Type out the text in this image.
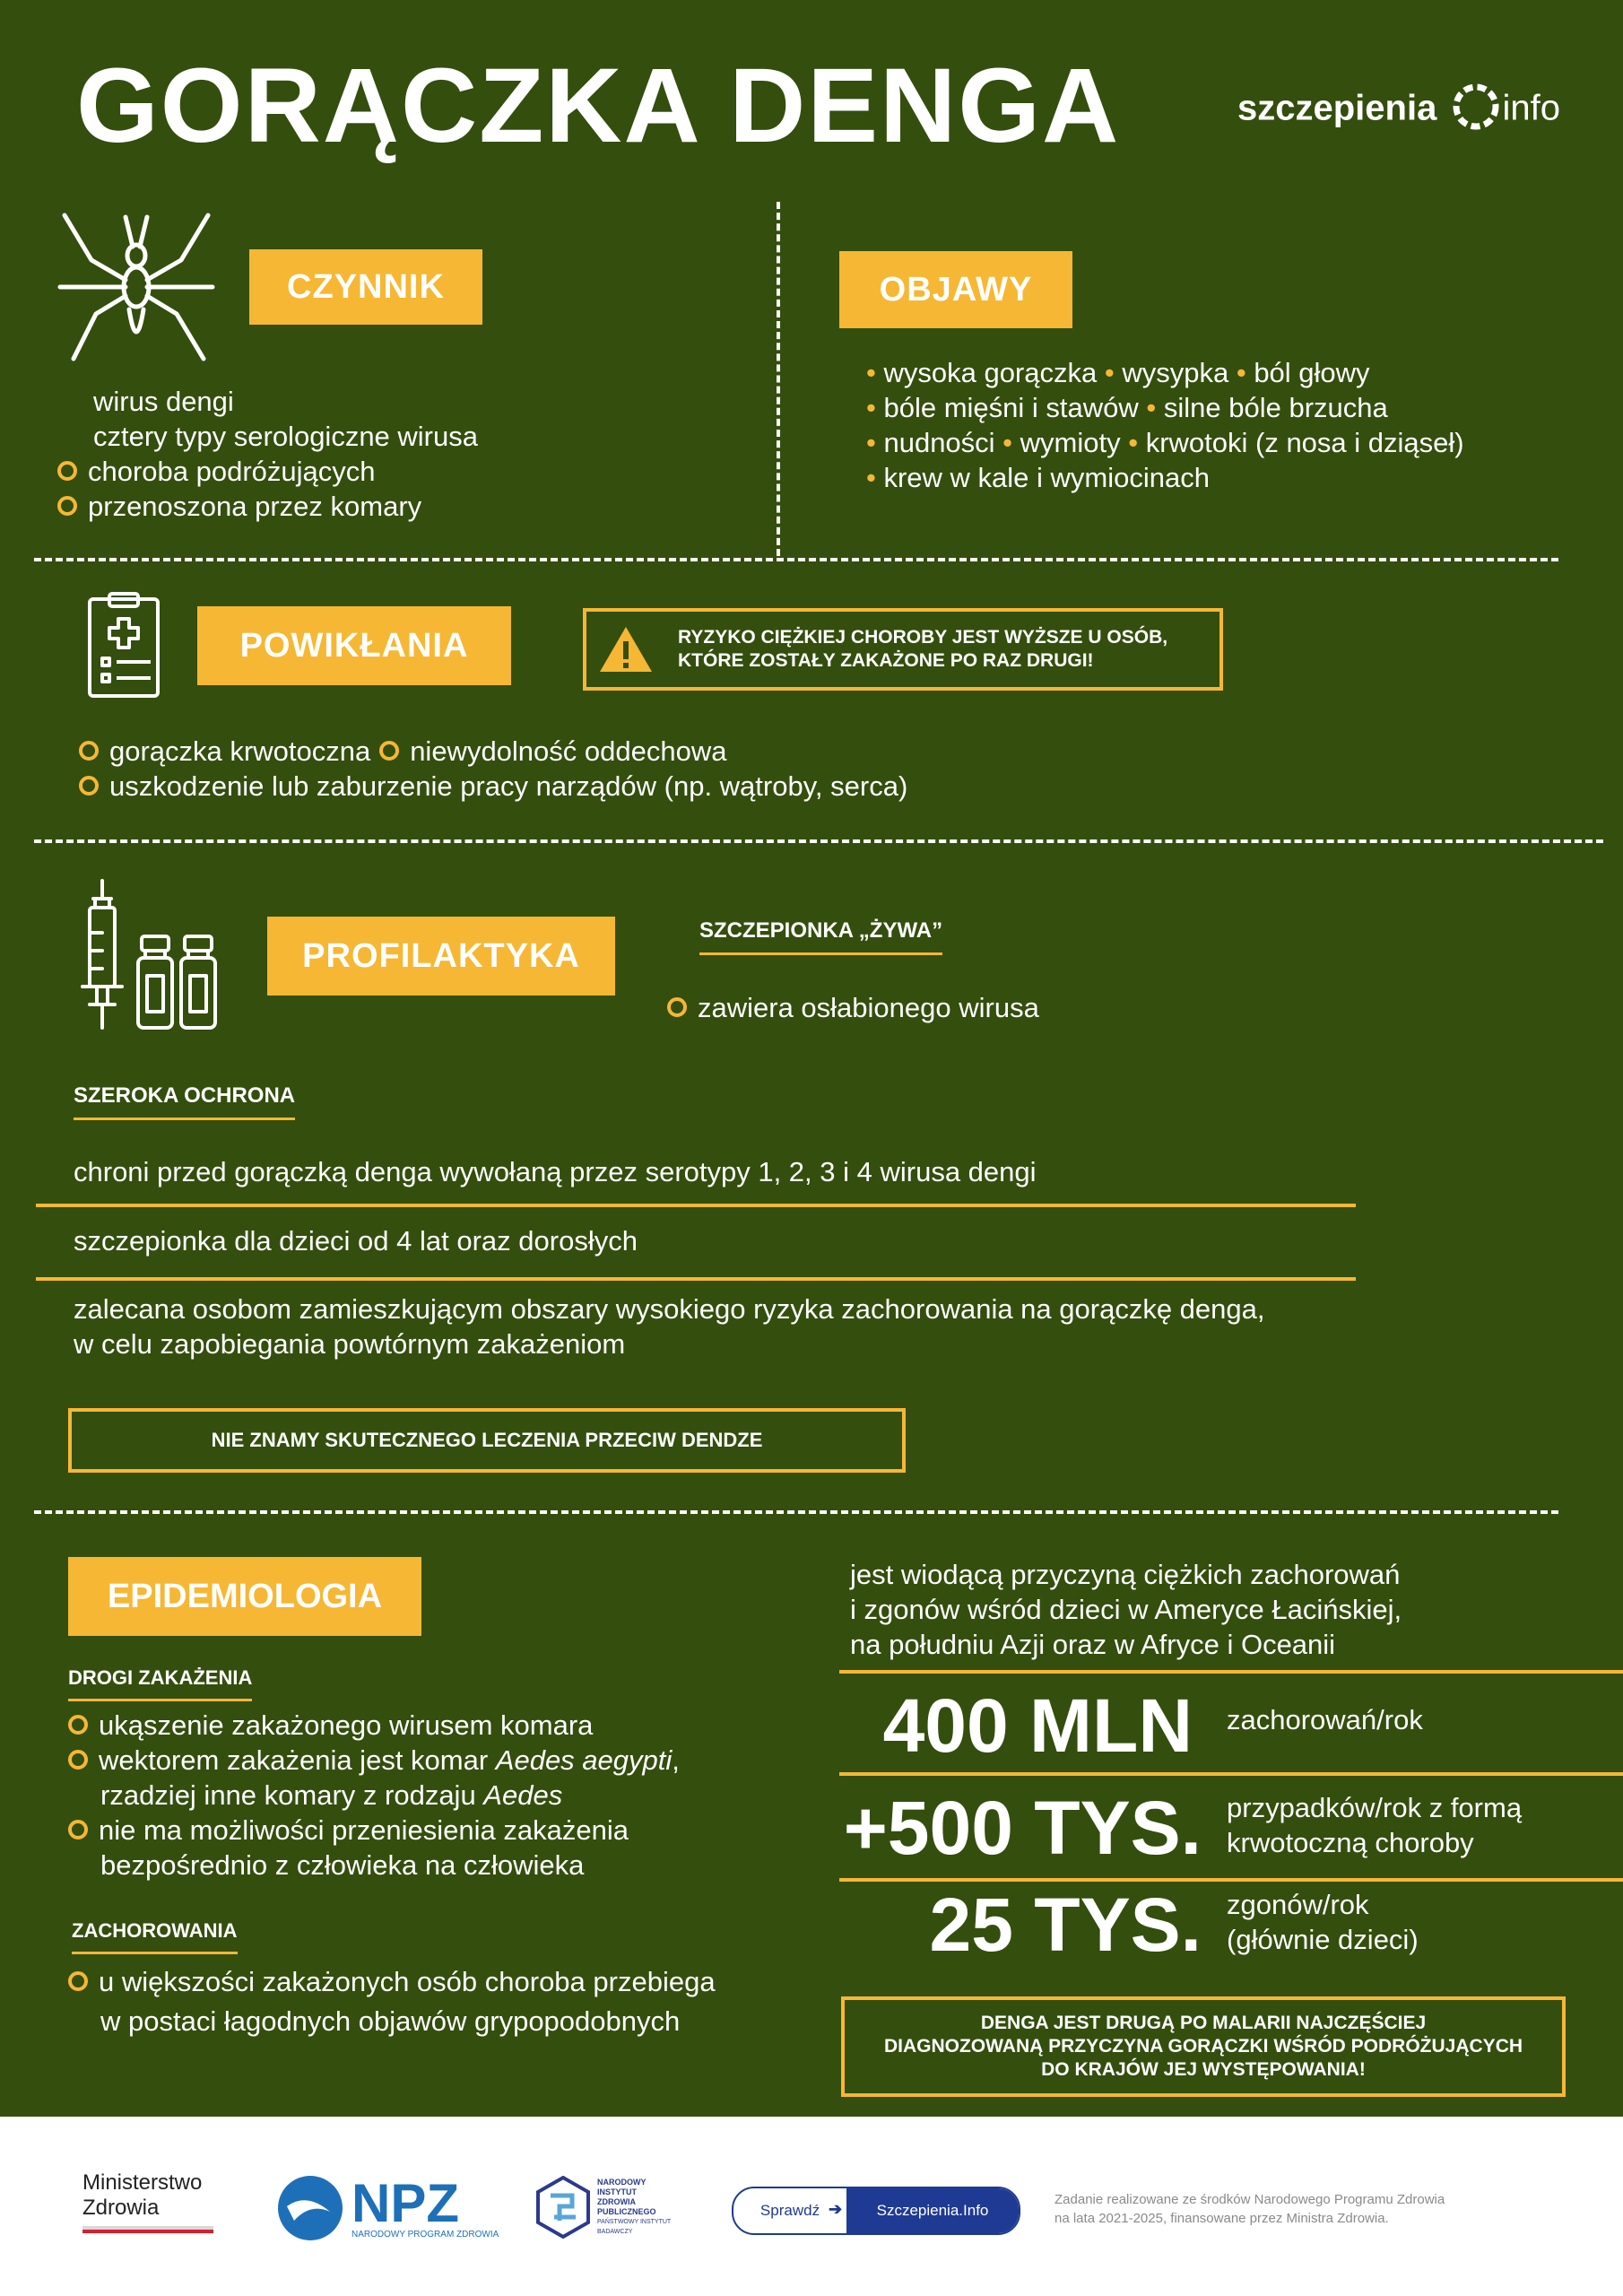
GORĄCZKA DENGA	szczepienia info
CZYNNIK
wirus dengi
cztery typy serologiczne wirusa
choroba podróżujących
przenoszona przez komary
OBJAWY
• wysoka gorączka • wysypka • ból głowy
• bóle mięśni i stawów • silne bóle brzucha
• nudności • wymioty • krwotoki (z nosa i dziąseł)
• krew w kale i wymiocinach
POWIKŁANIA	RYZYKO CIĘŻKIEJ CHOROBY JEST WYŻSZE U OSÓB, KTÓRE ZOSTAŁY ZAKAŻONE PO RAZ DRUGI!
gorączka krwotoczna niewydolność oddechowa
uszkodzenie lub zaburzenie pracy narządów (np. wątroby, serca)
PROFILAKTYKA
SZCZEPIONKA „ŻYWA”
zawiera osłabionego wirusa
SZEROKA OCHRONA
chroni przed gorączką denga wywołaną przez serotypy 1, 2, 3 i 4 wirusa dengi
szczepionka dla dzieci od 4 lat oraz dorosłych
zalecana osobom zamieszkującym obszary wysokiego ryzyka zachorowania na gorączkę denga,
w celu zapobiegania powtórnym zakażeniom
NIE ZNAMY SKUTECZNEGO LECZENIA PRZECIW DENDZE
EPIDEMIOLOGIA
DROGI ZAKAŻENIA
ukąszenie zakażonego wirusem komara
wektorem zakażenia jest komar Aedes aegypti,
rzadziej inne komary z rodzaju Aedes
nie ma możliwości przeniesienia zakażenia
bezpośrednio z człowieka na człowieka
ZACHOROWANIA
u większości zakażonych osób choroba przebiega
w postaci łagodnych objawów grypopodobnych
jest wiodącą przyczyną ciężkich zachorowań
i zgonów wśród dzieci w Ameryce Łacińskiej,
na południu Azji oraz w Afryce i Oceanii
400 MLN zachorowań/rok
+500 TYS. przypadków/rok z formą
krwotoczną choroby
25 TYS. zgonów/rok
(głównie dzieci)
DENGA JEST DRUGĄ PO MALARII NAJCZĘŚCIEJ
DIAGNOZOWANĄ PRZYCZYNA GORĄCZKI WŚRÓD PODRÓŻUJĄCYCH
DO KRAJÓW JEJ WYSTĘPOWANIA!
Ministerstwo
Zdrowia	NPZ
NARODOWY PROGRAM ZDROWIA
NARODOWY
INSTYTUT
ZDROWIA
PUBLICZNEGO
PAŃSTWOWY INSTYTUT
BADAWCZY
Sprawdź	Szczepienia.Info
➔
Zadanie realizowane ze środków Narodowego Programu Zdrowia
na lata 2021-2025, finansowane przez Ministra Zdrowia.
